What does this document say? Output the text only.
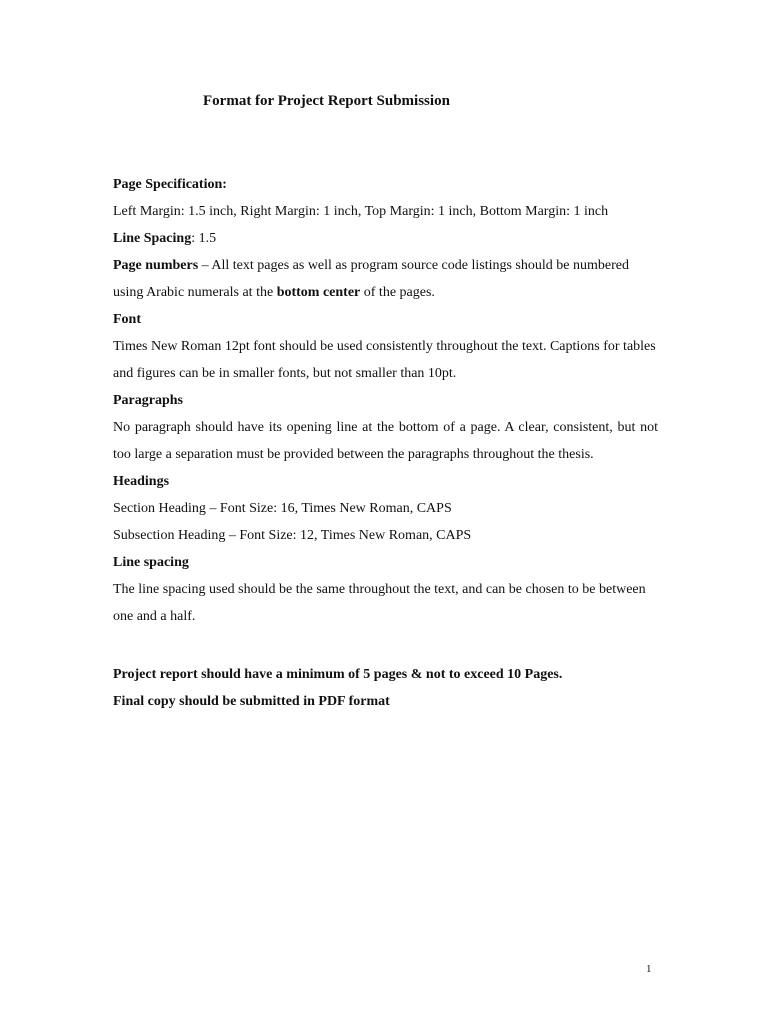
Format for Project Report Submission

Page Specification:

Left Margin: 1.5 inch, Right Margin: 1 inch, Top Margin: 1 inch, Bottom Margin: 1 inch

Line Spacing: 1.5

Page numbers – All text pages as well as program source code listings should be numbered using Arabic numerals at the bottom center of the pages.

Font

Times New Roman 12pt font should be used consistently throughout the text. Captions for tables and figures can be in smaller fonts, but not smaller than 10pt.

Paragraphs

No paragraph should have its opening line at the bottom of a page. A clear, consistent, but not too large a separation must be provided between the paragraphs throughout the thesis.

Headings

Section Heading – Font Size: 16, Times New Roman, CAPS

Subsection Heading – Font Size: 12, Times New Roman, CAPS

Line spacing

The line spacing used should be the same throughout the text, and can be chosen to be between one and a half.

Project report should have a minimum of 5 pages & not to exceed 10 Pages.

Final copy should be submitted in PDF format

1
